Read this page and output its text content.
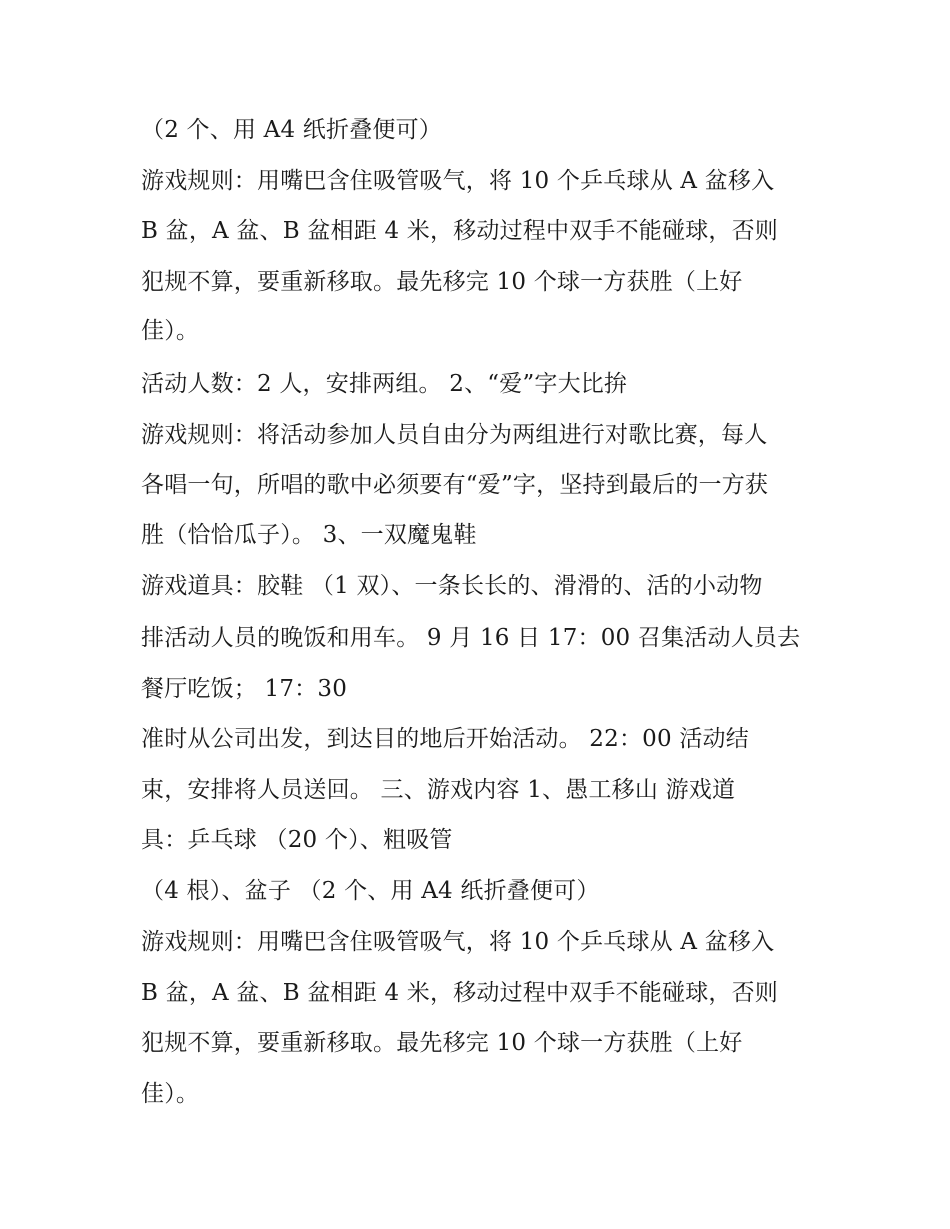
（2 个、用 A4 纸折叠便可）
游戏规则：用嘴巴含住吸管吸气，将 10 个乒乓球从 A 盆移入
B 盆，A 盆、B 盆相距 4 米，移动过程中双手不能碰球，否则
犯规不算，要重新移取。最先移完 10 个球一方获胜（上好
佳）。
活动人数：2 人，安排两组。 2、“爱”字大比拚
游戏规则：将活动参加人员自由分为两组进行对歌比赛，每人
各唱一句，所唱的歌中必须要有“爱”字，坚持到最后的一方获
胜（恰恰瓜子）。 3、一双魔鬼鞋
游戏道具：胶鞋 （1 双）、一条长长的、滑滑的、活的小动物
排活动人员的晚饭和用车。 9 月 16 日 17：00 召集活动人员去
餐厅吃饭； 17：30
准时从公司出发，到达目的地后开始活动。 22：00 活动结
束，安排将人员送回。 三、游戏内容 1、愚工移山 游戏道
具：乒乓球 （20 个）、粗吸管
（4 根）、盆子 （2 个、用 A4 纸折叠便可）
游戏规则：用嘴巴含住吸管吸气，将 10 个乒乓球从 A 盆移入
B 盆，A 盆、B 盆相距 4 米，移动过程中双手不能碰球，否则
犯规不算，要重新移取。最先移完 10 个球一方获胜（上好
佳）。
